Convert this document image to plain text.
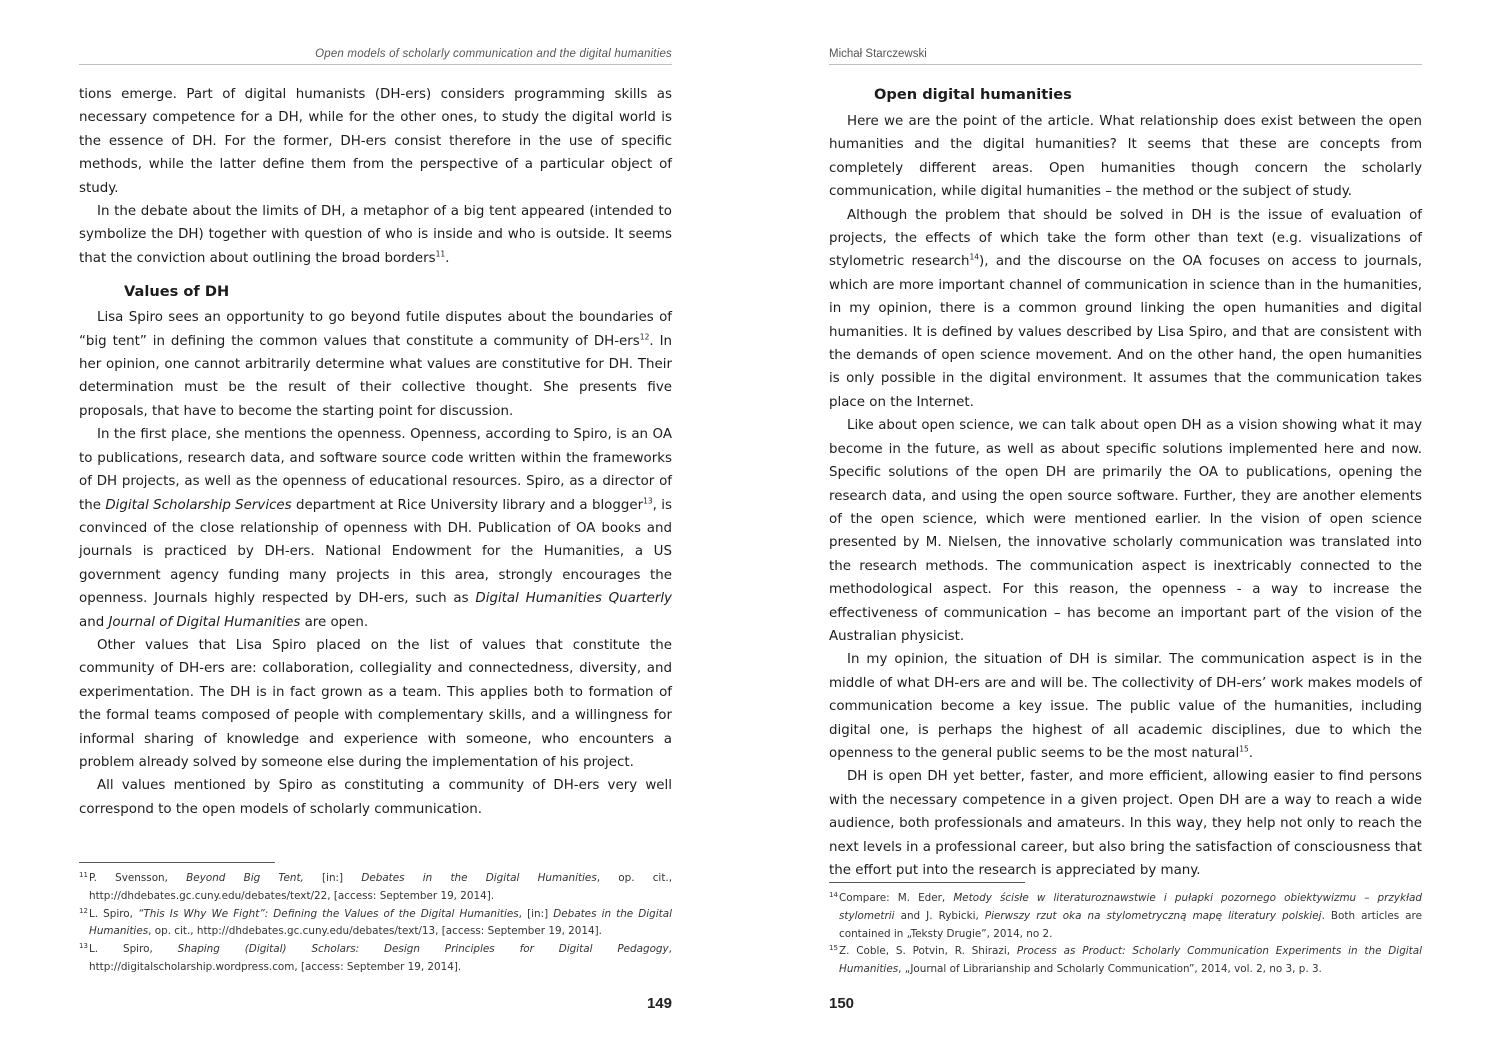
Open models of scholarly communication and the digital humanities

tions emerge. Part of digital humanists (DH-ers) considers programming skills as necessary competence for a DH, while for the other ones, to study the digital world is the essence of DH. For the former, DH-ers consist therefore in the use of specific methods, while the latter define them from the perspective of a particular object of study.

In the debate about the limits of DH, a metaphor of a big tent appeared (intended to symbolize the DH) together with question of who is inside and who is outside. It seems that the conviction about outlining the broad borders$^{11}$.

Values of DH

Lisa Spiro sees an opportunity to go beyond futile disputes about the boundaries of “big tent” in defining the common values that constitute a community of DH-ers$^{12}$. In her opinion, one cannot arbitrarily determine what values are constitutive for DH. Their determination must be the result of their collective thought. She presents five proposals, that have to become the starting point for discussion.

In the first place, she mentions the openness. Openness, according to Spiro, is an OA to publications, research data, and software source code written within the frameworks of DH projects, as well as the openness of educational resources. Spiro, as a director of the Digital Scholarship Services department at Rice University library and a blogger$^{13}$, is convinced of the close relationship of openness with DH. Publication of OA books and journals is practiced by DH-ers. National Endowment for the Humanities, a US government agency funding many projects in this area, strongly encourages the openness. Journals highly respected by DH-ers, such as Digital Humanities Quarterly and Journal of Digital Humanities are open.

Other values that Lisa Spiro placed on the list of values that constitute the community of DH-ers are: collaboration, collegiality and connectedness, diversity, and experimentation. The DH is in fact grown as a team. This applies both to formation of the formal teams composed of people with complementary skills, and a willingness for informal sharing of knowledge and experience with someone, who encounters a problem already solved by someone else during the implementation of his project.

All values mentioned by Spiro as constituting a community of DH-ers very well correspond to the open models of scholarly communication.

11 P. Svensson, Beyond Big Tent, [in:] Debates in the Digital Humanities, op. cit., http://dhdebates.gc.cuny.edu/debates/text/22, [access: September 19, 2014].
12 L. Spiro, “This Is Why We Fight”: Defining the Values of the Digital Humanities, [in:] Debates in the Digital Humanities, op. cit., http://dhdebates.gc.cuny.edu/debates/text/13, [access: September 19, 2014].
13 L. Spiro, Shaping (Digital) Scholars: Design Principles for Digital Pedagogy, http://digitalscholarship.wordpress.com, [access: September 19, 2014].
149
Michał Starczewski
Open digital humanities

Here we are the point of the article. What relationship does exist between the open humanities and the digital humanities? It seems that these are concepts from completely different areas. Open humanities though concern the scholarly communication, while digital humanities – the method or the subject of study.

Although the problem that should be solved in DH is the issue of evaluation of projects, the effects of which take the form other than text (e.g. visualizations of stylometric research$^{14}$), and the discourse on the OA focuses on access to journals, which are more important channel of communication in science than in the humanities, in my opinion, there is a common ground linking the open humanities and digital humanities. It is defined by values described by Lisa Spiro, and that are consistent with the demands of open science movement. And on the other hand, the open humanities is only possible in the digital environment. It assumes that the communication takes place on the Internet.

Like about open science, we can talk about open DH as a vision showing what it may become in the future, as well as about specific solutions implemented here and now. Specific solutions of the open DH are primarily the OA to publications, opening the research data, and using the open source software. Further, they are another elements of the open science, which were mentioned earlier. In the vision of open science presented by M. Nielsen, the innovative scholarly communication was translated into the research methods. The communication aspect is inextricably connected to the methodological aspect. For this reason, the openness - a way to increase the effectiveness of communication – has become an important part of the vision of the Australian physicist.

In my opinion, the situation of DH is similar. The communication aspect is in the middle of what DH-ers are and will be. The collectivity of DH-ers’ work makes models of communication become a key issue. The public value of the humanities, including digital one, is perhaps the highest of all academic disciplines, due to which the openness to the general public seems to be the most natural$^{15}$.

DH is open DH yet better, faster, and more efficient, allowing easier to find persons with the necessary competence in a given project. Open DH are a way to reach a wide audience, both professionals and amateurs. In this way, they help not only to reach the next levels in a professional career, but also bring the satisfaction of consciousness that the effort put into the research is appreciated by many.

14 Compare: M. Eder, Metody ścisłe w literaturoznawstwie i pułapki pozornego obiektywizmu – przykład stylometrii and J. Rybicki, Pierwszy rzut oka na stylometryczną mapę literatury polskiej. Both articles are contained in „Teksty Drugie”, 2014, no 2.
15 Z. Coble, S. Potvin, R. Shirazi, Process as Product: Scholarly Communication Experiments in the Digital Humanities, „Journal of Librarianship and Scholarly Communication”, 2014, vol. 2, no 3, p. 3.
150
